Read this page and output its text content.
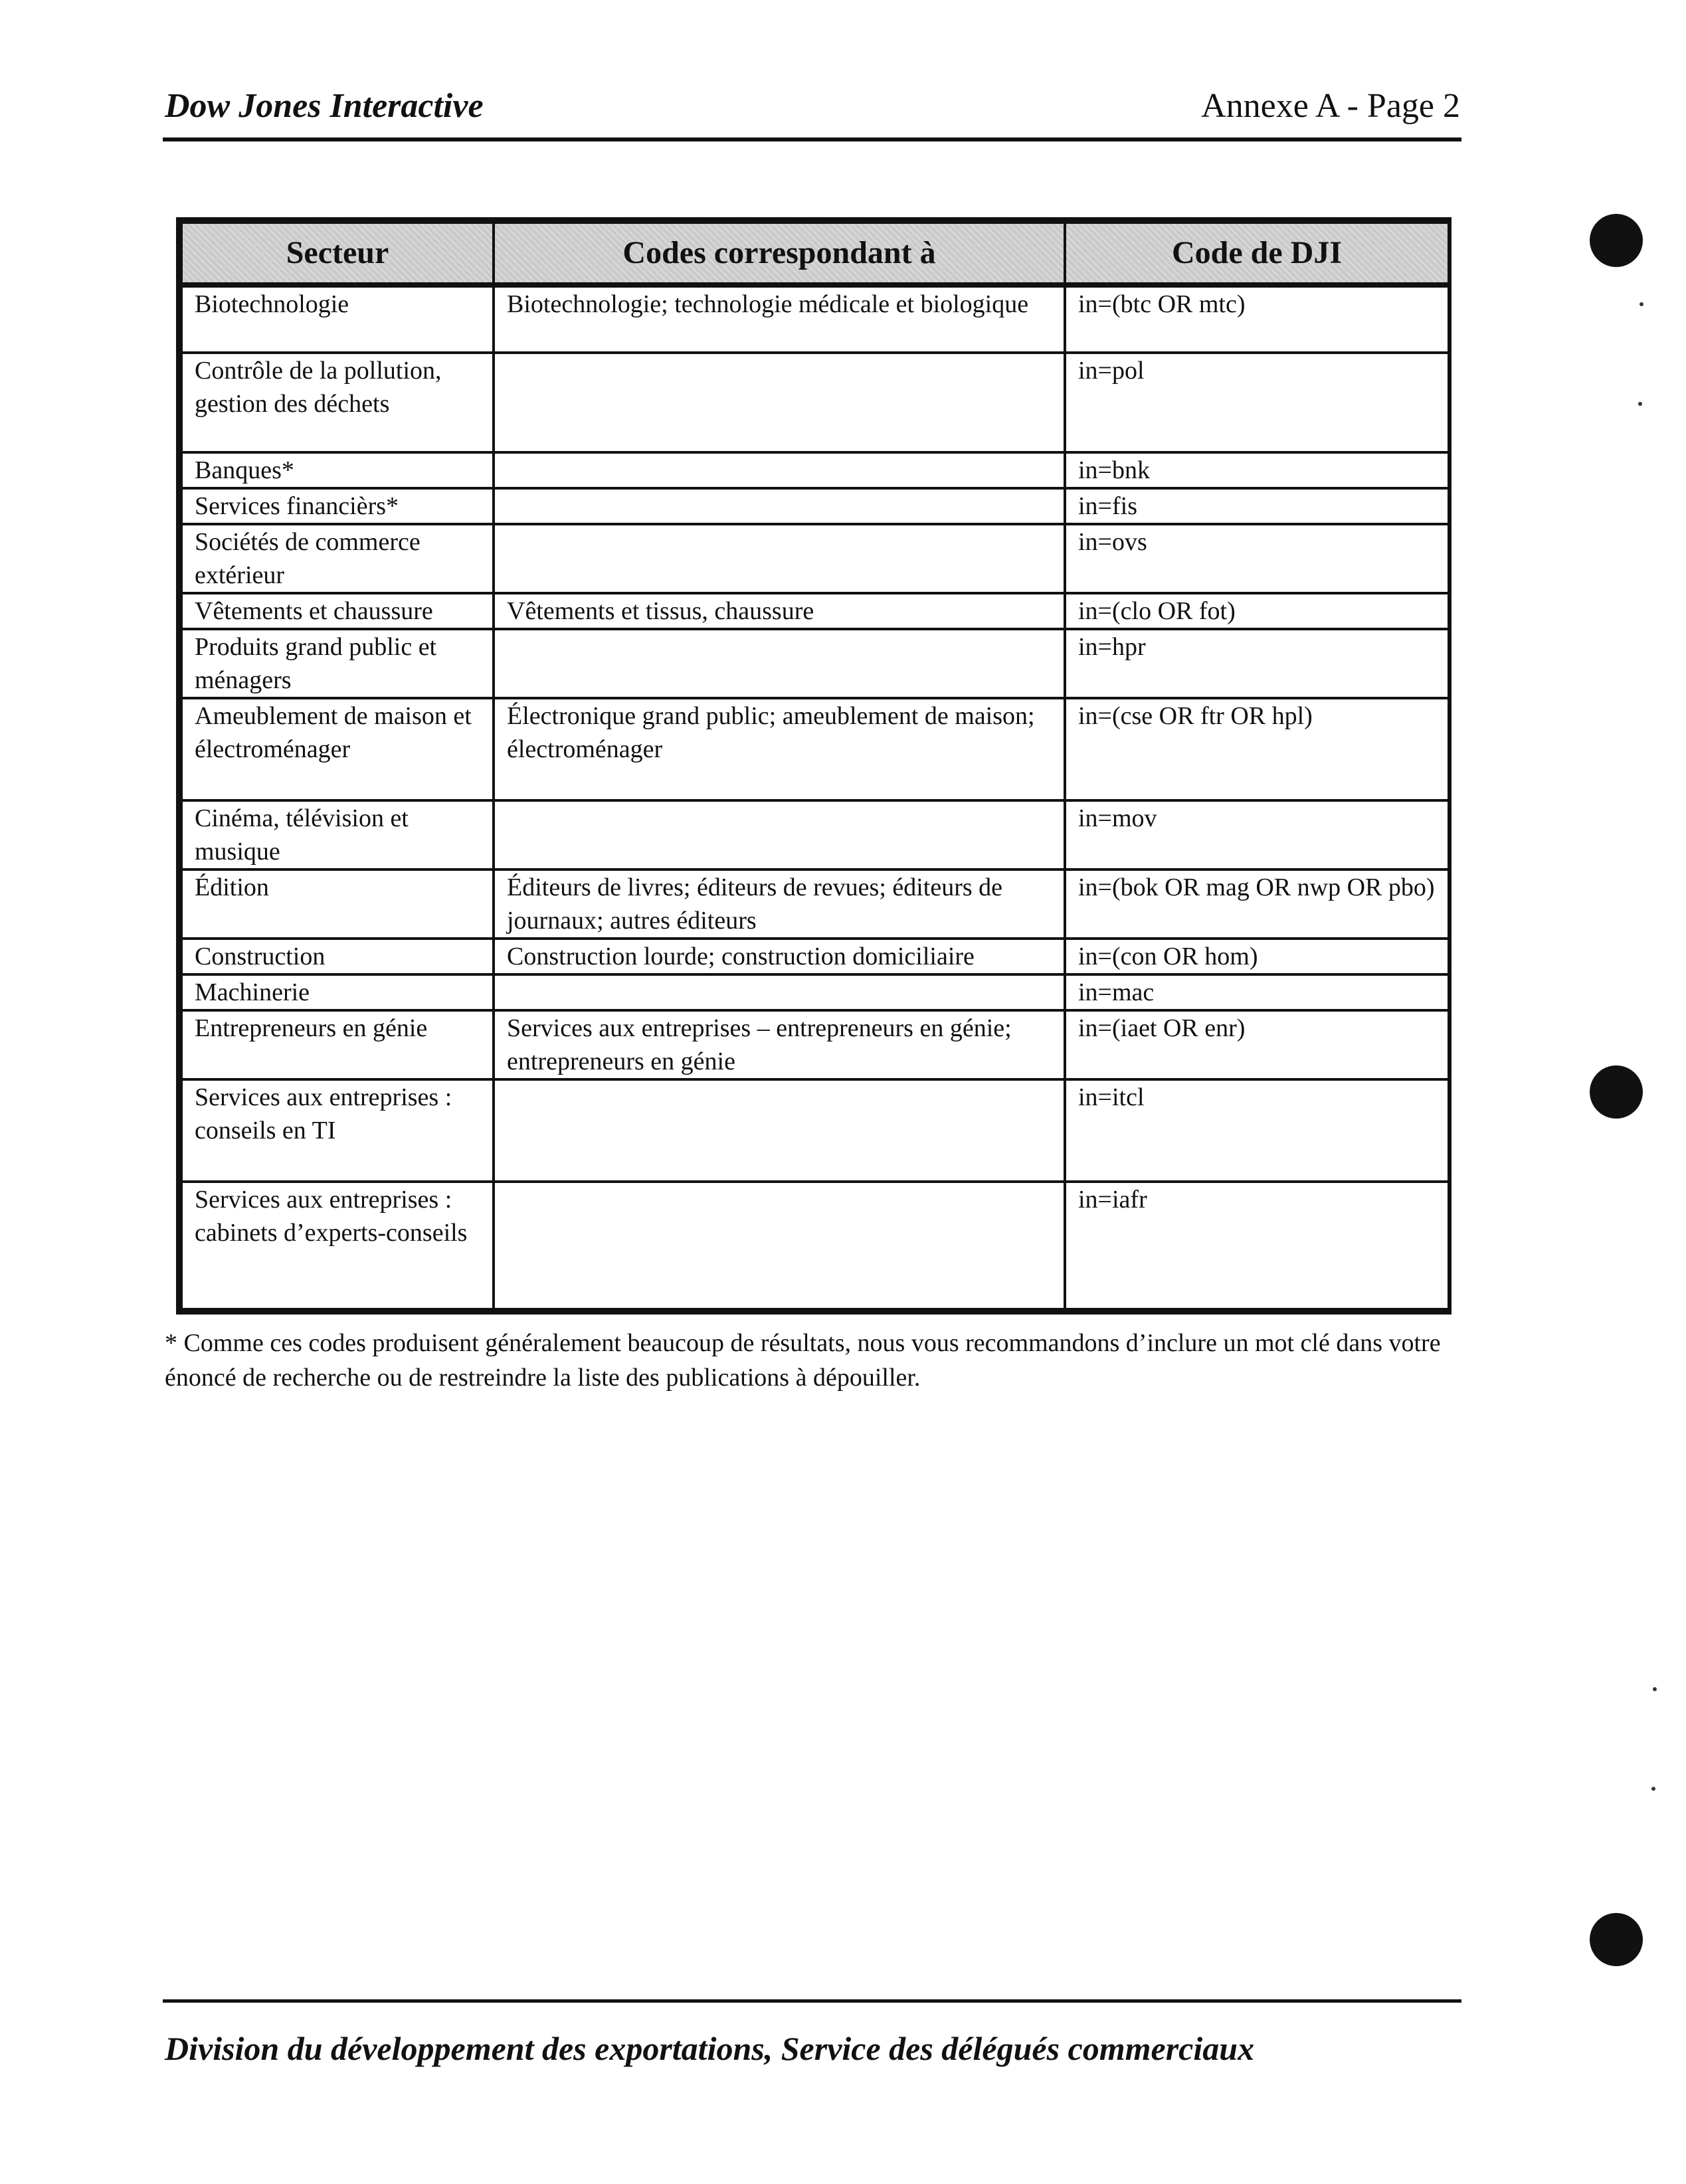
Dow Jones Interactive	Annexe A - Page 2
Secteur	Codes correspondant à	Code de DJI
Biotechnologie	Biotechnologie; technologie médicale et biologique	in=(btc OR mtc)
Contrôle de la pollution, gestion des déchets		in=pol
Banques*		in=bnk
Services financièrs*		in=fis
Sociétés de commerce extérieur		in=ovs
Vêtements et chaussure	Vêtements et tissus, chaussure	in=(clo OR fot)
Produits grand public et ménagers		in=hpr
Ameublement de maison et électroménager	Électronique grand public; ameublement de maison; électroménager	in=(cse OR ftr OR hpl)
Cinéma, télévision et musique		in=mov
Édition	Éditeurs de livres; éditeurs de revues; éditeurs de journaux; autres éditeurs	in=(bok OR mag OR nwp OR pbo)
Construction	Construction lourde; construction domiciliaire	in=(con OR hom)
Machinerie		in=mac
Entrepreneurs en génie	Services aux entreprises – entrepreneurs en génie; entrepreneurs en génie	in=(iaet OR enr)
Services aux entreprises : conseils en TI		in=itcl
Services aux entreprises : cabinets d’experts-conseils		in=iafr
* Comme ces codes produisent généralement beaucoup de résultats, nous vous recommandons d’inclure un mot clé dans votre énoncé de recherche ou de restreindre la liste des publications à dépouiller.
Division du développement des exportations, Service des délégués commerciaux
